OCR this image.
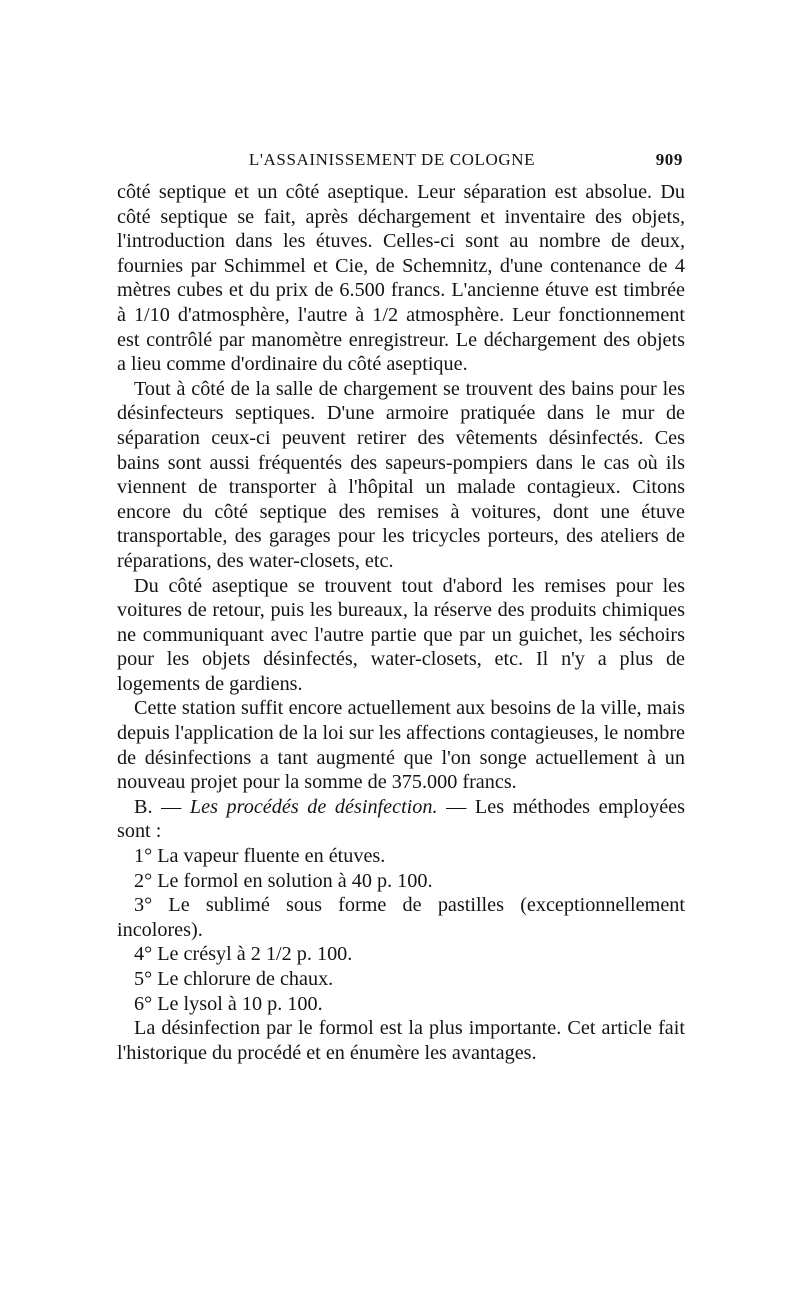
L'ASSAINISSEMENT DE COLOGNE	909

côté septique et un côté aseptique. Leur séparation est absolue. Du côté septique se fait, après déchargement et inventaire des objets, l'introduction dans les étuves. Celles-ci sont au nombre de deux, fournies par Schimmel et Cie, de Schemnitz, d'une contenance de 4 mètres cubes et du prix de 6.500 francs. L'ancienne étuve est timbrée à 1/10 d'atmosphère, l'autre à 1/2 atmosphère. Leur fonctionnement est contrôlé par manomètre enregistreur. Le déchargement des objets a lieu comme d'ordinaire du côté aseptique.

Tout à côté de la salle de chargement se trouvent des bains pour les désinfecteurs septiques. D'une armoire pratiquée dans le mur de séparation ceux-ci peuvent retirer des vêtements désinfectés. Ces bains sont aussi fréquentés des sapeurs-pompiers dans le cas où ils viennent de transporter à l'hôpital un malade contagieux. Citons encore du côté septique des remises à voitures, dont une étuve transportable, des garages pour les tricycles porteurs, des ateliers de réparations, des water-closets, etc.

Du côté aseptique se trouvent tout d'abord les remises pour les voitures de retour, puis les bureaux, la réserve des produits chimiques ne communiquant avec l'autre partie que par un guichet, les séchoirs pour les objets désinfectés, water-closets, etc. Il n'y a plus de logements de gardiens.

Cette station suffit encore actuellement aux besoins de la ville, mais depuis l'application de la loi sur les affections contagieuses, le nombre de désinfections a tant augmenté que l'on songe actuellement à un nouveau projet pour la somme de 375.000 francs.

B. — Les procédés de désinfection. — Les méthodes employées sont :

1° La vapeur fluente en étuves.

2° Le formol en solution à 40 p. 100.

3° Le sublimé sous forme de pastilles (exceptionnellement incolores).

4° Le crésyl à 2 1/2 p. 100.

5° Le chlorure de chaux.

6° Le lysol à 10 p. 100.

La désinfection par le formol est la plus importante. Cet article fait l'historique du procédé et en énumère les avantages.
